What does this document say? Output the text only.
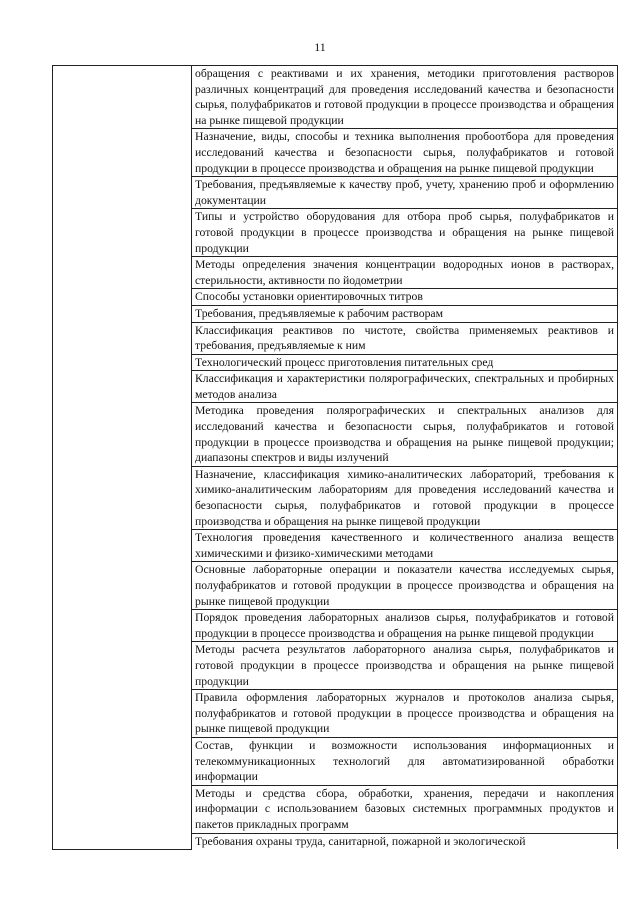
11

обращения с реактивами и их хранения, методики приготовления растворов различных концентраций для проведения исследований качества и безопасности сырья, полуфабрикатов и готовой продукции в процессе производства и обращения на рынке пищевой продукции

Назначение, виды, способы и техника выполнения пробоотбора для проведения исследований качества и безопасности сырья, полуфабрикатов и готовой продукции в процессе производства и обращения на рынке пищевой продукции

Требования, предъявляемые к качеству проб, учету, хранению проб и оформлению документации

Типы и устройство оборудования для отбора проб сырья, полуфабрикатов и готовой продукции в процессе производства и обращения на рынке пищевой продукции

Методы определения значения концентрации водородных ионов в растворах, стерильности, активности по йодометрии

Способы установки ориентировочных титров

Требования, предъявляемые к рабочим растворам

Классификация реактивов по чистоте, свойства применяемых реактивов и требования, предъявляемые к ним

Технологический процесс приготовления питательных сред

Классификация и характеристики полярографических, спектральных и пробирных методов анализа

Методика проведения полярографических и спектральных анализов для исследований качества и безопасности сырья, полуфабрикатов и готовой продукции в процессе производства и обращения на рынке пищевой продукции; диапазоны спектров и виды излучений

Назначение, классификация химико-аналитических лабораторий, требования к химико-аналитическим лабораториям для проведения исследований качества и безопасности сырья, полуфабрикатов и готовой продукции в процессе производства и обращения на рынке пищевой продукции

Технология проведения качественного и количественного анализа веществ химическими и физико-химическими методами

Основные лабораторные операции и показатели качества исследуемых сырья, полуфабрикатов и готовой продукции в процессе производства и обращения на рынке пищевой продукции

Порядок проведения лабораторных анализов сырья, полуфабрикатов и готовой продукции в процессе производства и обращения на рынке пищевой продукции

Методы расчета результатов лабораторного анализа сырья, полуфабрикатов и готовой продукции в процессе производства и обращения на рынке пищевой продукции

Правила оформления лабораторных журналов и протоколов анализа сырья, полуфабрикатов и готовой продукции в процессе производства и обращения на рынке пищевой продукции

Состав, функции и возможности использования информационных и телекоммуникационных технологий для автоматизированной обработки информации

Методы и средства сбора, обработки, хранения, передачи и накопления информации с использованием базовых системных программных продуктов и пакетов прикладных программ

Требования охраны труда, санитарной, пожарной и экологической
